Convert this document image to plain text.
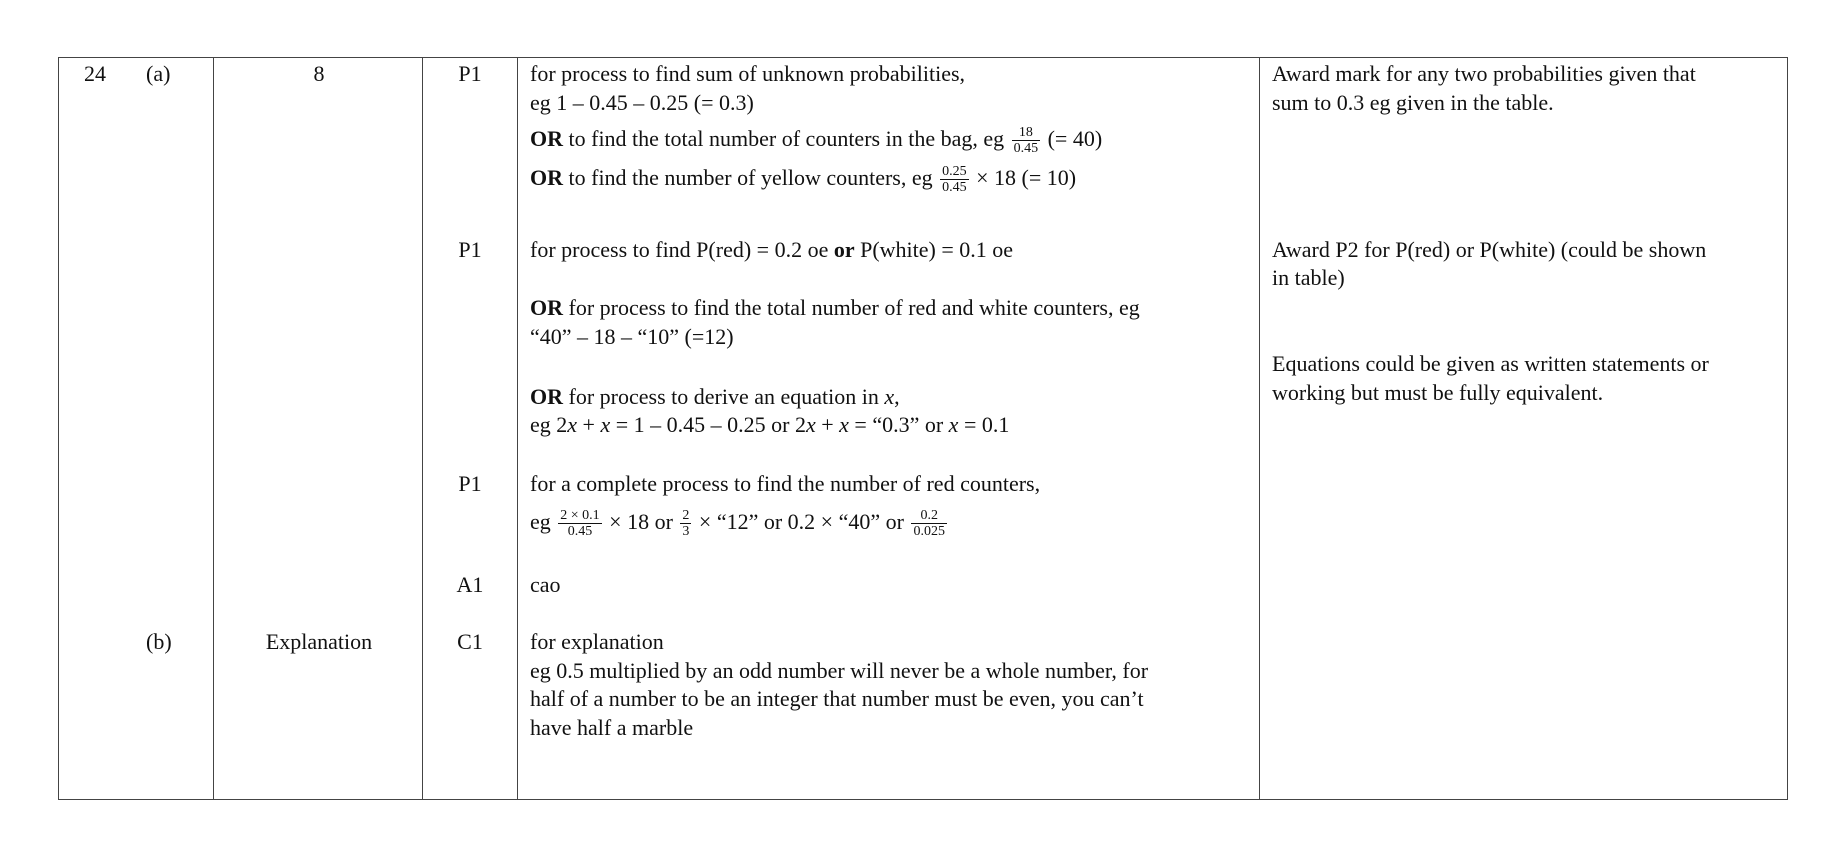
24 (a)	8
(b)	Explanation
P1
P1
P1
A1
C1
for process to find sum of unknown probabilities,
eg 1 – 0.45 – 0.25 (= 0.3)
OR to find the total number of counters in the bag, eg $\frac{18}{0.45}$ (= 40)
OR to find the number of yellow counters, eg $\frac{0.25}{0.45} \times 18$ (= 10)
for process to find P(red) = 0.2 oe or P(white) = 0.1 oe
OR for process to find the total number of red and white counters, eg
“40” – 18 – “10” (=12)
OR for process to derive an equation in x,
eg 2x + x = 1 – 0.45 – 0.25 or 2x + x = “0.3” or x = 0.1
for a complete process to find the number of red counters,
eg $\frac{2 \times 0.1}{0.45} \times 18$ or $\frac{2}{3}$ × “12” or 0.2 × “40” or $\frac{0.2}{0.025}$
cao
for explanation
eg 0.5 multiplied by an odd number will never be a whole number, for
half of a number to be an integer that number must be even, you can’t
have half a marble
Award mark for any two probabilities given that
sum to 0.3 eg given in the table.
Award P2 for P(red) or P(white) (could be shown
in table)
Equations could be given as written statements or
working but must be fully equivalent.
